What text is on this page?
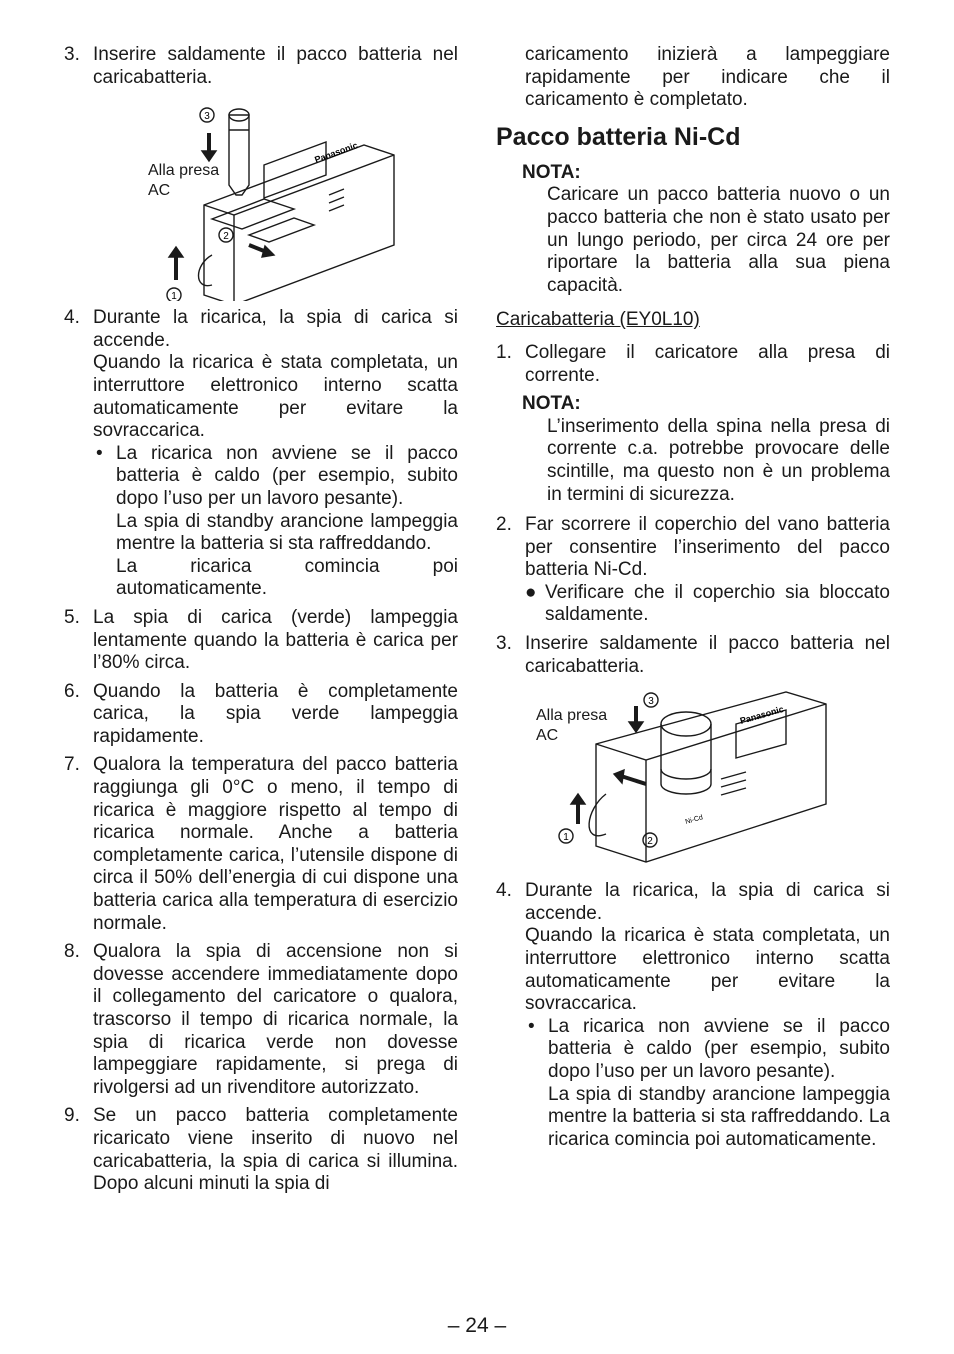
3. Inserire saldamente il pacco batteria nel caricabatteria.

1
2
3
Panasonic
Alla presa
AC
4. Durante la ricarica, la spia di carica si accende.

Quando la ricarica è stata completata, un interruttore elettronico interno scatta automaticamente per evitare la sovraccarica.

• La ricarica non avviene se il pacco batteria è caldo (per esempio, subito dopo l’uso per un lavoro pesante).

La spia di standby arancione lampeggia mentre la batteria si sta raffreddando.

La ricarica comincia poi automaticamente.

5. La spia di carica (verde) lampeggia lentamente quando la batteria è carica per l’80% circa.

6. Quando la batteria è completamente carica, la spia verde lampeggia rapidamente.

7. Qualora la temperatura del pacco batteria raggiunga gli 0°C o meno, il tempo di ricarica è maggiore rispetto al tempo di ricarica normale. Anche a batteria completamente carica, l’utensile dispone di circa il 50% dell’energia di cui dispone una batteria carica alla temperatura di esercizio normale.

8. Qualora la spia di accensione non si dovesse accendere immediatamente dopo il collegamento del caricatore o qualora, trascorso il tempo di ricarica normale, la spia di ricarica verde non dovesse lampeggiare rapidamente, si prega di rivolgersi ad un rivenditore autorizzato.

9. Se un pacco batteria completamente ricaricato viene inserito di nuovo nel caricabatteria, la spia di carica si illumina. Dopo alcuni minuti la spia di

caricamento inizierà a lampeggiare rapidamente per indicare che il caricamento è completato.

Pacco batteria Ni-Cd
NOTA:

Caricare un pacco batteria nuovo o un pacco batteria che non è stato usato per un lungo periodo, per circa 24 ore per riportare la batteria alla sua piena capacità.

Caricabatteria (EY0L10)

1. Collegare il caricatore alla presa di corrente.

NOTA:

L’inserimento della spina nella presa di corrente c.a. potrebbe provocare delle scintille, ma questo non è un problema in termini di sicurezza.

2. Far scorrere il coperchio del vano batteria per consentire l’inserimento del pacco batteria Ni-Cd.

● Verificare che il coperchio sia bloccato saldamente.

3. Inserire saldamente il pacco batteria nel caricabatteria.

1	2
3
Panasonic
Ni-Cd
Alla presa
AC
4. Durante la ricarica, la spia di carica si accende.

Quando la ricarica è stata completata, un interruttore elettronico interno scatta automaticamente per evitare la sovraccarica.

• La ricarica non avviene se il pacco batteria è caldo (per esempio, subito dopo l’uso per un lavoro pesante).

La spia di standby arancione lampeggia mentre la batteria si sta raffreddando. La ricarica comincia poi automaticamente.

– 24 –
